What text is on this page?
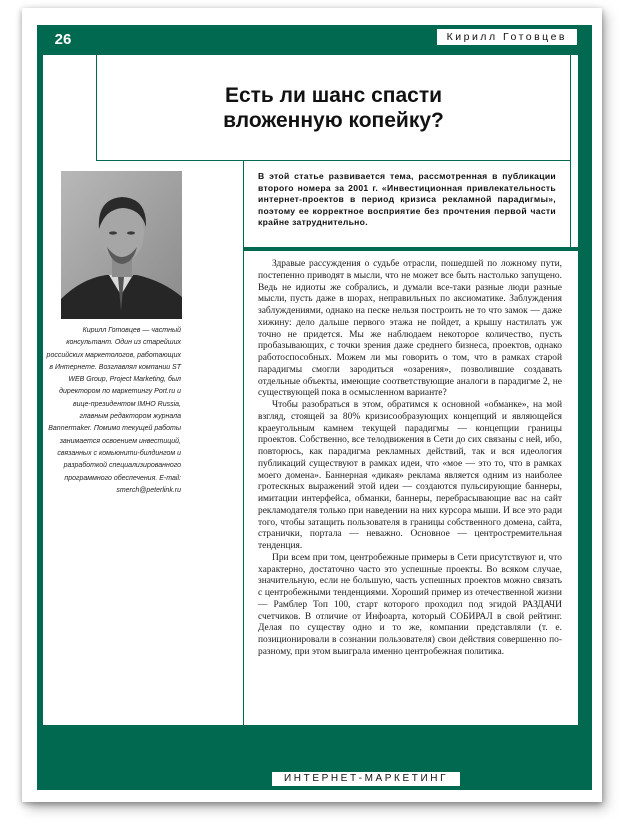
26	Кирилл Готовцев
Есть ли шанс спасти
вложенную копейку?
Кирилл Готовцев — частный консультант. Один из старейших российских маркетологов, работающих в Интернете. Возглавлял компании ST WEB Group, Project Marketing, был директором по маркетингу Port.ru и вице-президентом IMHO Russia, главным редактором журнала Bannermaker. Помимо текущей работы занимается освоением инвестиций, связанных с комьюнити-билдингом и разработкой специализированного программного обеспечения. E-mail: smerch@peterlink.ru

В этой статье развивается тема, рассмотренная в публикации второго номера за 2001 г. «Инвестиционная привлекательность интернет-проектов в период кризиса рекламной парадигмы», поэтому ее корректное восприятие без прочтения первой части крайне затруднительно.

Здравые рассуждения о судьбе отрасли, пошедшей по ложному пути, постепенно приводят в мысли, что не может все быть настолько запущено. Ведь не идиоты же собрались, и думали все-таки разные люди разные мысли, пусть даже в шорах, неправильных по аксиоматике. Заблуждения заблуждениями, однако на песке нельзя построить не то что замок — даже хижину: дело дальше первого этажа не пойдет, а крышу настилать уж точно не придется. Мы же наблюдаем некоторое количество, пусть пробазывающих, с точки зрения даже среднего бизнеса, проектов, однако работоспособных. Можем ли мы говорить о том, что в рамках старой парадигмы смогли зародиться «озарения», позволившие создавать отдельные объекты, имеющие соответствующие аналоги в парадигме 2, не существующей пока в осмысленном варианте?

Чтобы разобраться в этом, обратимся к основной «обманке», на мой взгляд, стоящей за 80% кризисообразующих концепций и являющейся краеугольным камнем текущей парадигмы — концепции границы проектов. Собственно, все телодвижения в Сети до сих связаны с ней, ибо, повторюсь, как парадигма рекламных действий, так и вся идеология публикаций существуют в рамках идеи, что «мое — это то, что в рамках моего домена». Баннерная «дикая» реклама является одним из наиболее гротескных выражений этой идеи — создаются пульсирующие баннеры, имитации интерфейса, обманки, баннеры, перебрасывающие вас на сайт рекламодателя только при наведении на них курсора мыши. И все это ради того, чтобы затащить пользователя в границы собственного домена, сайта, странички, портала — неважно. Основное — центростремительная тенденция.

При всем при том, центробежные примеры в Сети присутствуют и, что характерно, достаточно часто это успешные проекты. Во всяком случае, значительную, если не большую, часть успешных проектов можно связать с центробежными тенденциями. Хороший пример из отечественной жизни — Рамблер Топ 100, старт которого проходил под эгидой РАЗДАЧИ счетчиков. В отличие от Инфоарта, который СОБИРАЛ в свой рейтинг. Делая по существу одно и то же, компании представляли (т. е. позиционировали в сознании пользователя) свои действия совершенно по-разному, при этом выиграла именно центробежная политика.

ИНТЕРНЕТ-МАРКЕТИНГ
